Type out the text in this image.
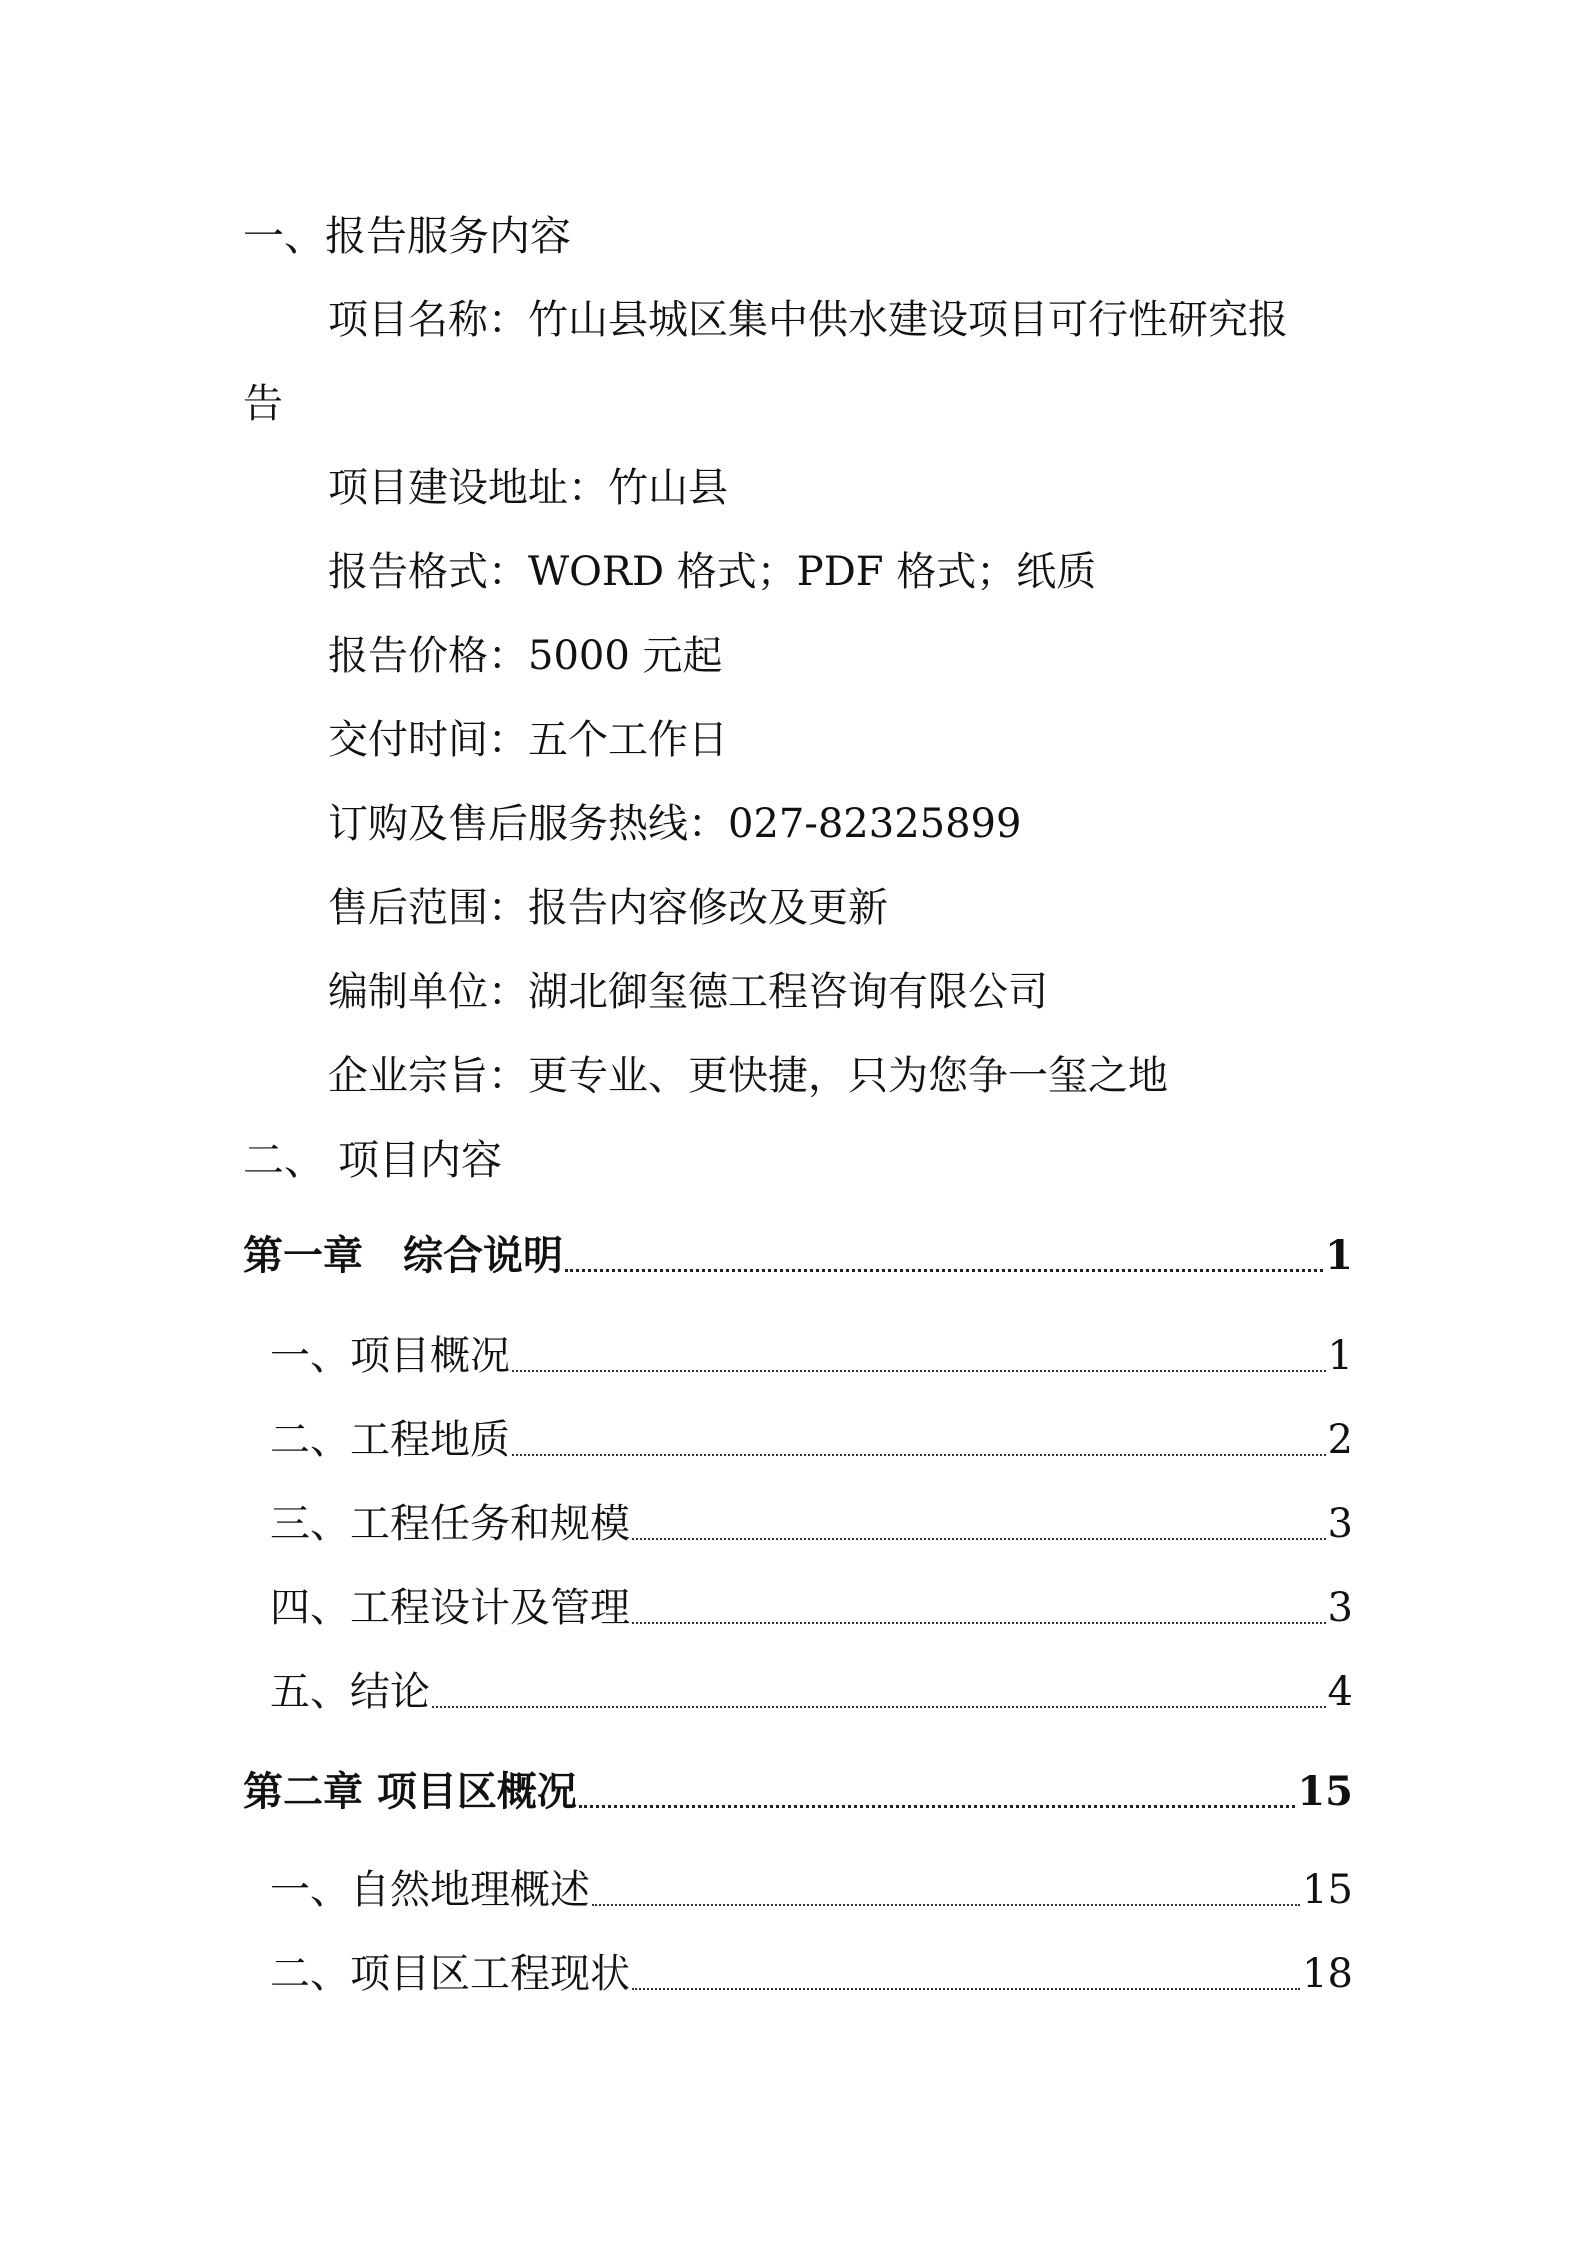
一、报告服务内容
项目名称：竹山县城区集中供水建设项目可行性研究报
告
项目建设地址：竹山县
报告格式：WORD 格式；PDF 格式；纸质
报告价格：5000 元起
交付时间：五个工作日
订购及售后服务热线：027-82325899
售后范围：报告内容修改及更新
编制单位：湖北御玺德工程咨询有限公司
企业宗旨：更专业、更快捷，只为您争一玺之地
二、 项目内容
第一章　综合说明	1
一、项目概况	1
二、工程地质	2
三、工程任务和规模	3
四、工程设计及管理	3
五、结论	4
第二章 项目区概况	15
一、自然地理概述	15
二、项目区工程现状	18
